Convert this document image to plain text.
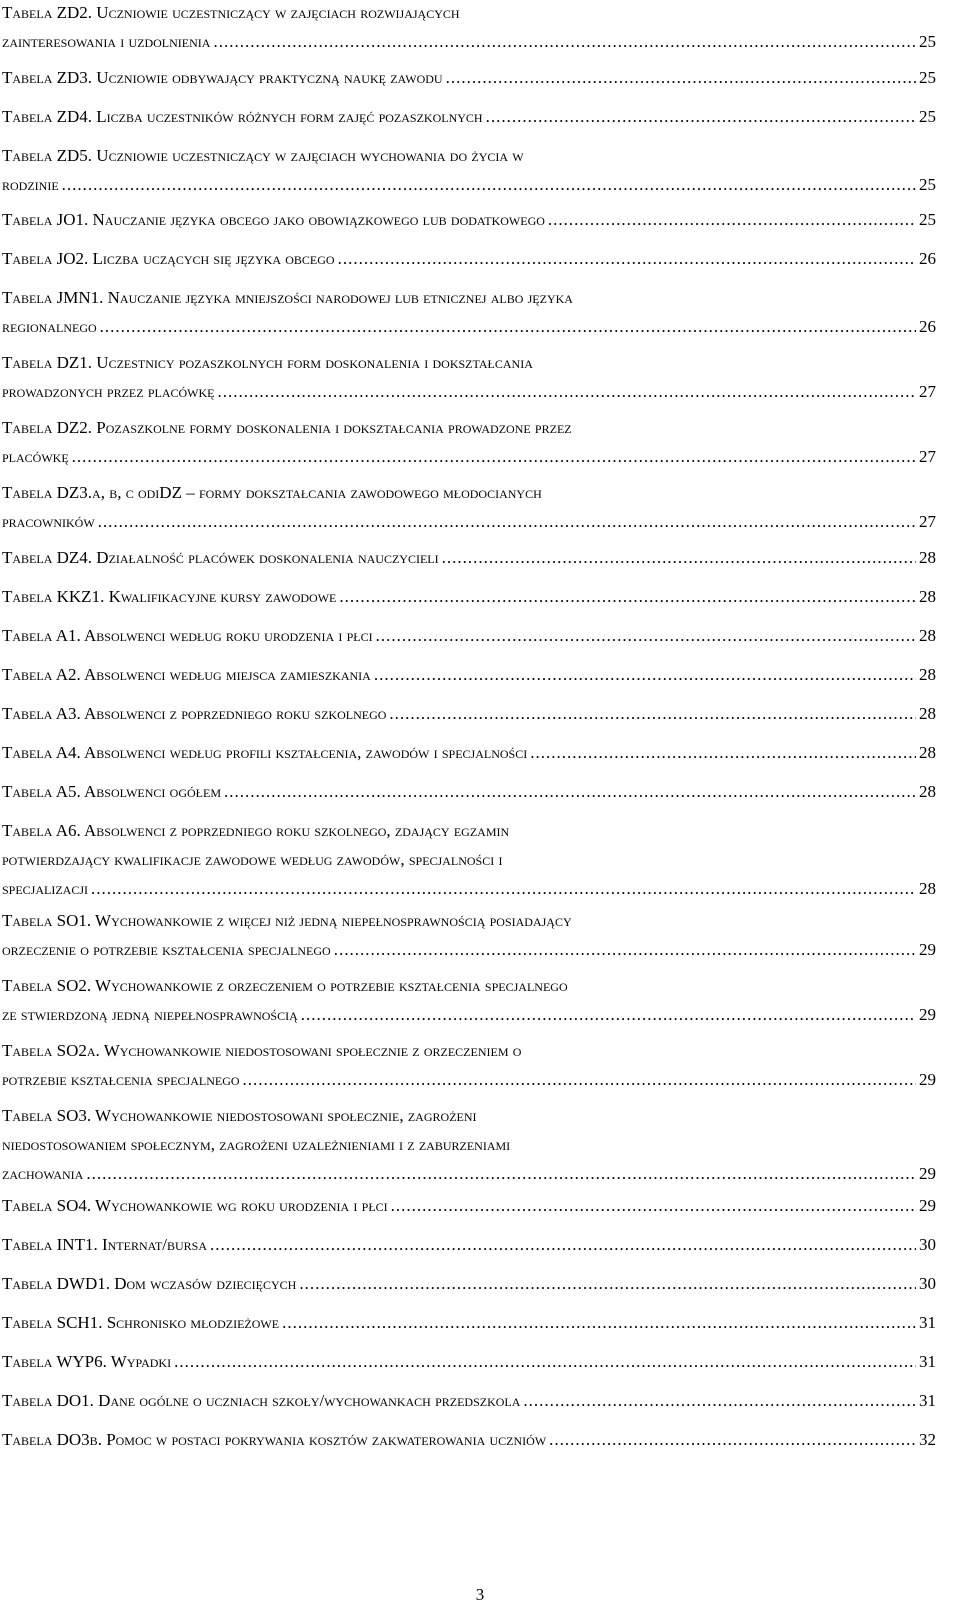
Tabela ZD2. Uczniowie uczestniczący w zajęciach rozwijających
zainteresowania i uzdolnienia .....	25
Tabela ZD3. Uczniowie odbywający praktyczną naukę zawodu .....	25
Tabela ZD4. Liczba uczestników różnych form zajęć pozaszkolnych .....	25
Tabela ZD5. Uczniowie uczestniczący w zajęciach wychowania do życia w
rodzinie .....	25
Tabela JO1. Nauczanie języka obcego jako obowiązkowego lub dodatkowego .....	25
Tabela JO2. Liczba uczących się języka obcego .....	26
Tabela JMN1. Nauczanie języka mniejszości narodowej lub etnicznej albo języka
regionalnego .....	26
Tabela DZ1. Uczestnicy pozaszkolnych form doskonalenia i dokształcania
prowadzonych przez placówkę .....	27
Tabela DZ2. Pozaszkolne formy doskonalenia i dokształcania prowadzone przez
placówkę .....	27
Tabela DZ3.a, b, c odiDZ – formy dokształcania zawodowego młodocianych
pracowników .....	27
Tabela DZ4. Działalność placówek doskonalenia nauczycieli .....	28
Tabela KKZ1. Kwalifikacyjne kursy zawodowe .....	28
Tabela A1. Absolwenci według roku urodzenia i płci .....	28
Tabela A2. Absolwenci według miejsca zamieszkania .....	28
Tabela A3. Absolwenci z poprzedniego roku szkolnego .....	28
Tabela A4. Absolwenci według profili kształcenia, zawodów i specjalności .....	28
Tabela A5. Absolwenci ogółem .....	28
Tabela A6. Absolwenci z poprzedniego roku szkolnego, zdający egzamin
potwierdzający kwalifikacje zawodowe według zawodów, specjalności i
specjalizacji .....	28
Tabela SO1. Wychowankowie z więcej niż jedną niepełnosprawnością posiadający
orzeczenie o potrzebie kształcenia specjalnego .....	29
Tabela SO2. Wychowankowie z orzeczeniem o potrzebie kształcenia specjalnego
ze stwierdzoną jedną niepełnosprawnością .....	29
Tabela SO2a. Wychowankowie niedostosowani społecznie z orzeczeniem o
potrzebie kształcenia specjalnego .....	29
Tabela SO3. Wychowankowie niedostosowani społecznie, zagrożeni
niedostosowaniem społecznym, zagrożeni uzależnieniami i z zaburzeniami
zachowania .....	29
Tabela SO4. Wychowankowie wg roku urodzenia i płci .....	29
Tabela INT1. Internat/bursa .....	30
Tabela DWD1. Dom wczasów dziecięcych .....	30
Tabela SCH1. Schronisko młodzieżowe .....	31
Tabela WYP6. Wypadki .....	31
Tabela DO1. Dane ogólne o uczniach szkoły/wychowankach przedszkola .....	31
Tabela DO3b. Pomoc w postaci pokrywania kosztów zakwaterowania uczniów .....	32
3
